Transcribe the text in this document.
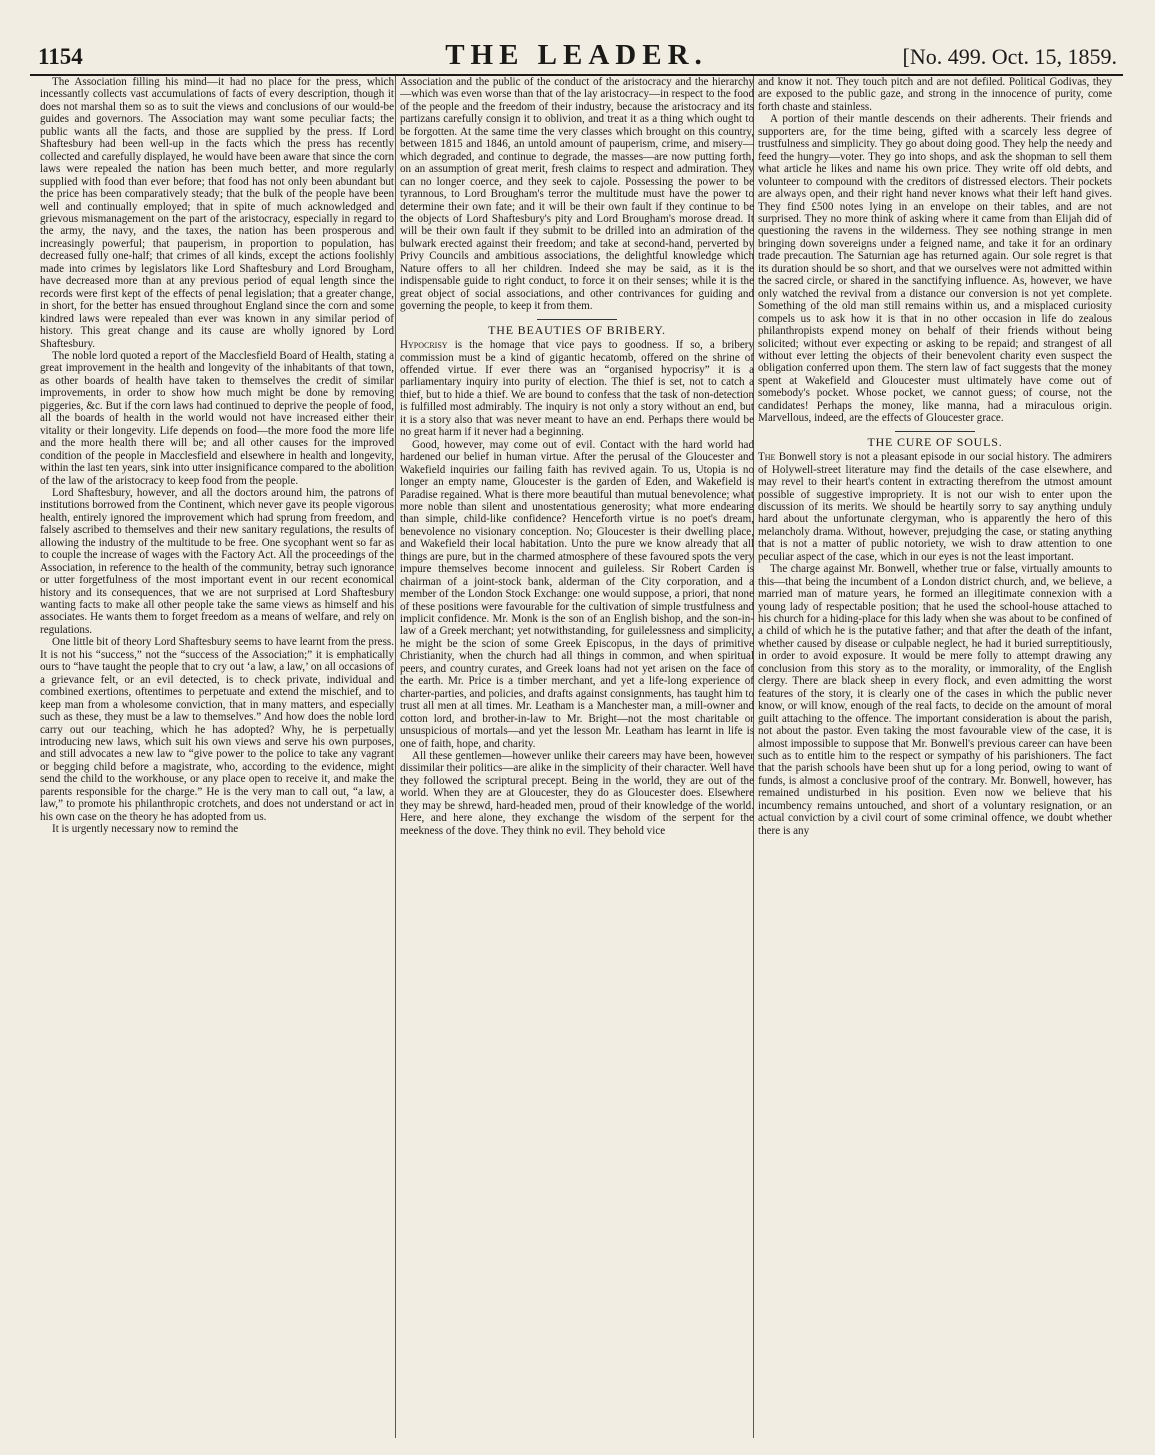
1154	THE LEADER.	[No. 499. Oct. 15, 1859.

The Association filling his mind—it had no place for the press, which incessantly collects vast accumulations of facts of every description, though it does not marshal them so as to suit the views and conclusions of our would-be guides and governors. The Association may want some peculiar facts; the public wants all the facts, and those are supplied by the press. If Lord Shaftesbury had been well-up in the facts which the press has recently collected and carefully displayed, he would have been aware that since the corn laws were repealed the nation has been much better, and more regularly supplied with food than ever before; that food has not only been abundant but the price has been comparatively steady; that the bulk of the people have been well and continually employed; that in spite of much acknowledged and grievous mismanagement on the part of the aristocracy, especially in regard to the army, the navy, and the taxes, the nation has been prosperous and increasingly powerful; that pauperism, in proportion to population, has decreased fully one-half; that crimes of all kinds, except the actions foolishly made into crimes by legislators like Lord Shaftesbury and Lord Brougham, have decreased more than at any previous period of equal length since the records were first kept of the effects of penal legislation; that a greater change, in short, for the better has ensued throughout England since the corn and some kindred laws were repealed than ever was known in any similar period of history. This great change and its cause are wholly ignored by Lord Shaftesbury.

The noble lord quoted a report of the Macclesfield Board of Health, stating a great improvement in the health and longevity of the inhabitants of that town, as other boards of health have taken to themselves the credit of similar improvements, in order to show how much might be done by removing piggeries, &c. But if the corn laws had continued to deprive the people of food, all the boards of health in the world would not have increased either their vitality or their longevity. Life depends on food—the more food the more life and the more health there will be; and all other causes for the improved condition of the people in Macclesfield and elsewhere in health and longevity, within the last ten years, sink into utter insignificance compared to the abolition of the law of the aristocracy to keep food from the people.

Lord Shaftesbury, however, and all the doctors around him, the patrons of institutions borrowed from the Continent, which never gave its people vigorous health, entirely ignored the improvement which had sprung from freedom, and falsely ascribed to themselves and their new sanitary regulations, the results of allowing the industry of the multitude to be free. One sycophant went so far as to couple the increase of wages with the Factory Act. All the proceedings of the Association, in reference to the health of the community, betray such ignorance or utter forgetfulness of the most important event in our recent economical history and its consequences, that we are not surprised at Lord Shaftesbury wanting facts to make all other people take the same views as himself and his associates. He wants them to forget freedom as a means of welfare, and rely on regulations.

One little bit of theory Lord Shaftesbury seems to have learnt from the press. It is not his “success,” not the “success of the Association;” it is emphatically ours to “have taught the people that to cry out ‘a law, a law,’ on all occasions of a grievance felt, or an evil detected, is to check private, individual and combined exertions, oftentimes to perpetuate and extend the mischief, and to keep man from a wholesome conviction, that in many matters, and especially such as these, they must be a law to themselves.” And how does the noble lord carry out our teaching, which he has adopted? Why, he is perpetually introducing new laws, which suit his own views and serve his own purposes, and still advocates a new law to “give power to the police to take any vagrant or begging child before a magistrate, who, according to the evidence, might send the child to the workhouse, or any place open to receive it, and make the parents responsible for the charge.” He is the very man to call out, “a law, a law,” to promote his philanthropic crotchets, and does not understand or act in his own case on the theory he has adopted from us.

It is urgently necessary now to remind the

Association and the public of the conduct of the aristocracy and the hierarchy—which was even worse than that of the lay aristocracy—in respect to the food of the people and the freedom of their industry, because the aristocracy and its partizans carefully consign it to oblivion, and treat it as a thing which ought to be forgotten. At the same time the very classes which brought on this country, between 1815 and 1846, an untold amount of pauperism, crime, and misery—which degraded, and continue to degrade, the masses—are now putting forth, on an assumption of great merit, fresh claims to respect and admiration. They can no longer coerce, and they seek to cajole. Possessing the power to be tyrannous, to Lord Brougham's terror the multitude must have the power to determine their own fate; and it will be their own fault if they continue to be the objects of Lord Shaftesbury's pity and Lord Brougham's morose dread. It will be their own fault if they submit to be drilled into an admiration of the bulwark erected against their freedom; and take at second-hand, perverted by Privy Councils and ambitious associations, the delightful knowledge which Nature offers to all her children. Indeed she may be said, as it is the indispensable guide to right conduct, to force it on their senses; while it is the great object of social associations, and other contrivances for guiding and governing the people, to keep it from them.

THE BEAUTIES OF BRIBERY.

Hypocrisy is the homage that vice pays to goodness. If so, a bribery commission must be a kind of gigantic hecatomb, offered on the shrine of offended virtue. If ever there was an “organised hypocrisy” it is a parliamentary inquiry into purity of election. The thief is set, not to catch a thief, but to hide a thief. We are bound to confess that the task of non-detection is fulfilled most admirably. The inquiry is not only a story without an end, but it is a story also that was never meant to have an end. Perhaps there would be no great harm if it never had a beginning.

Good, however, may come out of evil. Contact with the hard world had hardened our belief in human virtue. After the perusal of the Gloucester and Wakefield inquiries our failing faith has revived again. To us, Utopia is no longer an empty name, Gloucester is the garden of Eden, and Wakefield is Paradise regained. What is there more beautiful than mutual benevolence; what more noble than silent and unostentatious generosity; what more endearing than simple, child-like confidence? Henceforth virtue is no poet's dream, benevolence no visionary conception. No; Gloucester is their dwelling place, and Wakefield their local habitation. Unto the pure we know already that all things are pure, but in the charmed atmosphere of these favoured spots the very impure themselves become innocent and guileless. Sir Robert Carden is chairman of a joint-stock bank, alderman of the City corporation, and a member of the London Stock Exchange: one would suppose, a priori, that none of these positions were favourable for the cultivation of simple trustfulness and implicit confidence. Mr. Monk is the son of an English bishop, and the son-in-law of a Greek merchant; yet notwithstanding, for guilelessness and simplicity, he might be the scion of some Greek Episcopus, in the days of primitive Christianity, when the church had all things in common, and when spiritual peers, and country curates, and Greek loans had not yet arisen on the face of the earth. Mr. Price is a timber merchant, and yet a life-long experience of charter-parties, and policies, and drafts against consignments, has taught him to trust all men at all times. Mr. Leatham is a Manchester man, a mill-owner and cotton lord, and brother-in-law to Mr. Bright—not the most charitable or unsuspicious of mortals—and yet the lesson Mr. Leatham has learnt in life is one of faith, hope, and charity.

All these gentlemen—however unlike their careers may have been, however dissimilar their politics—are alike in the simplicity of their character. Well have they followed the scriptural precept. Being in the world, they are out of the world. When they are at Gloucester, they do as Gloucester does. Elsewhere they may be shrewd, hard-headed men, proud of their knowledge of the world. Here, and here alone, they exchange the wisdom of the serpent for the meekness of the dove. They think no evil. They behold vice

and know it not. They touch pitch and are not defiled. Political Godivas, they are exposed to the public gaze, and strong in the innocence of purity, come forth chaste and stainless.

A portion of their mantle descends on their adherents. Their friends and supporters are, for the time being, gifted with a scarcely less degree of trustfulness and simplicity. They go about doing good. They help the needy and feed the hungry—voter. They go into shops, and ask the shopman to sell them what article he likes and name his own price. They write off old debts, and volunteer to compound with the creditors of distressed electors. Their pockets are always open, and their right hand never knows what their left hand gives. They find £500 notes lying in an envelope on their tables, and are not surprised. They no more think of asking where it came from than Elijah did of questioning the ravens in the wilderness. They see nothing strange in men bringing down sovereigns under a feigned name, and take it for an ordinary trade precaution. The Saturnian age has returned again. Our sole regret is that its duration should be so short, and that we ourselves were not admitted within the sacred circle, or shared in the sanctifying influence. As, however, we have only watched the revival from a distance our conversion is not yet complete. Something of the old man still remains within us, and a misplaced curiosity compels us to ask how it is that in no other occasion in life do zealous philanthropists expend money on behalf of their friends without being solicited; without ever expecting or asking to be repaid; and strangest of all without ever letting the objects of their benevolent charity even suspect the obligation conferred upon them. The stern law of fact suggests that the money spent at Wakefield and Gloucester must ultimately have come out of somebody's pocket. Whose pocket, we cannot guess; of course, not the candidates! Perhaps the money, like manna, had a miraculous origin. Marvellous, indeed, are the effects of Gloucester grace.

THE CURE OF SOULS.

The Bonwell story is not a pleasant episode in our social history. The admirers of Holywell-street literature may find the details of the case elsewhere, and may revel to their heart's content in extracting therefrom the utmost amount possible of suggestive impropriety. It is not our wish to enter upon the discussion of its merits. We should be heartily sorry to say anything unduly hard about the unfortunate clergyman, who is apparently the hero of this melancholy drama. Without, however, prejudging the case, or stating anything that is not a matter of public notoriety, we wish to draw attention to one peculiar aspect of the case, which in our eyes is not the least important.

The charge against Mr. Bonwell, whether true or false, virtually amounts to this—that being the incumbent of a London district church, and, we believe, a married man of mature years, he formed an illegitimate connexion with a young lady of respectable position; that he used the school-house attached to his church for a hiding-place for this lady when she was about to be confined of a child of which he is the putative father; and that after the death of the infant, whether caused by disease or culpable neglect, he had it buried surreptitiously, in order to avoid exposure. It would be mere folly to attempt drawing any conclusion from this story as to the morality, or immorality, of the English clergy. There are black sheep in every flock, and even admitting the worst features of the story, it is clearly one of the cases in which the public never know, or will know, enough of the real facts, to decide on the amount of moral guilt attaching to the offence. The important consideration is about the parish, not about the pastor. Even taking the most favourable view of the case, it is almost impossible to suppose that Mr. Bonwell's previous career can have been such as to entitle him to the respect or sympathy of his parishioners. The fact that the parish schools have been shut up for a long period, owing to want of funds, is almost a conclusive proof of the contrary. Mr. Bonwell, however, has remained undisturbed in his position. Even now we believe that his incumbency remains untouched, and short of a voluntary resignation, or an actual conviction by a civil court of some criminal offence, we doubt whether there is any
